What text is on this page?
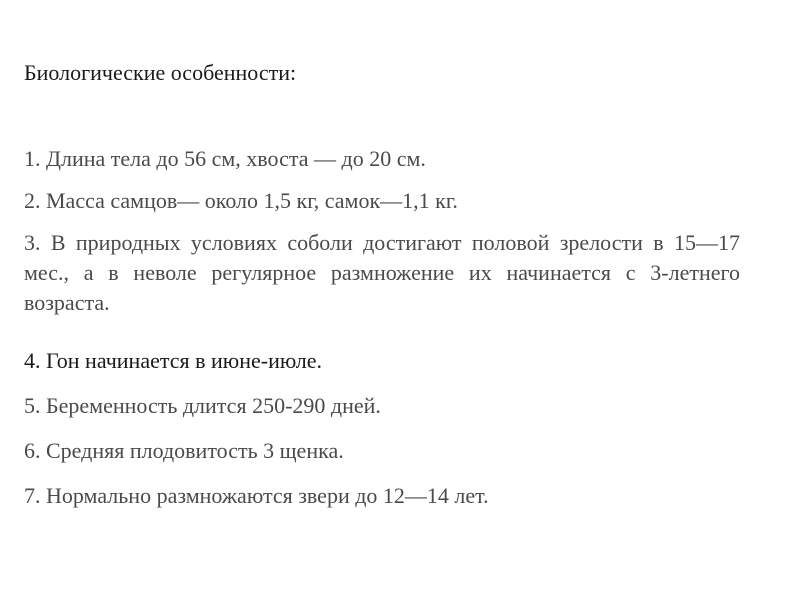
Биологические особенности:
1. Длина тела до 56 см, хвоста — до 20 см.
2. Масса самцов— около 1,5 кг, самок—1,1 кг.
3. В природных условиях соболи достигают половой зрелости в 15—17 мес., а в неволе регулярное размножение их начинается с 3-летнего возраста.
4. Гон начинается в июне-июле.
5. Беременность длится 250-290 дней.
6. Средняя плодовитость 3 щенка.
7. Нормально размножаются звери до 12—14 лет.
